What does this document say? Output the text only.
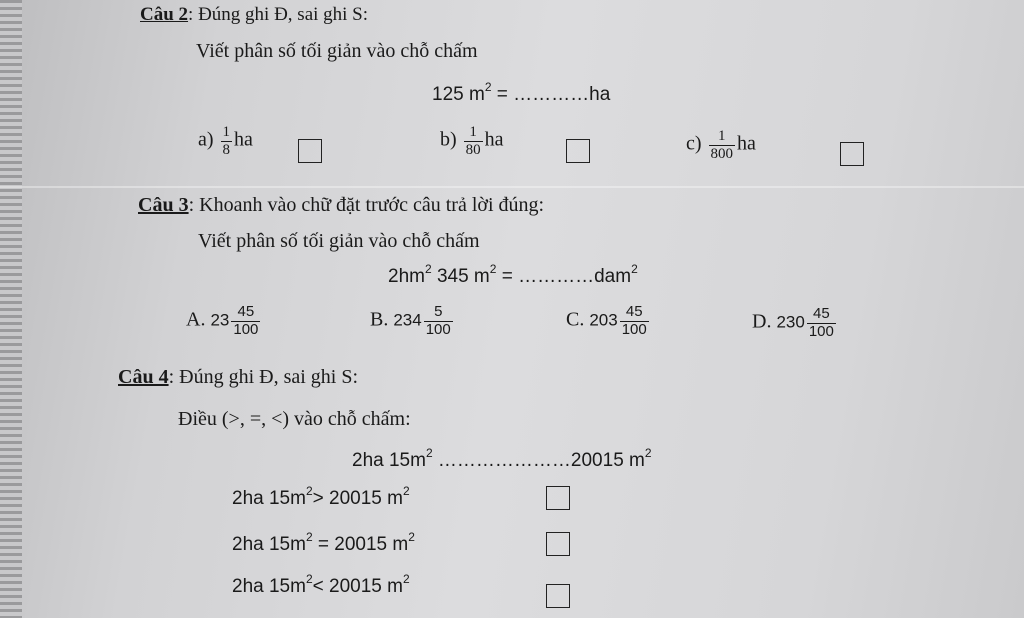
Câu 2: Đúng ghi Đ, sai ghi S:
Viết phân số tối giản vào chỗ chấm
125 $m^2$ = …………ha
$a) \frac{1}{8}$ ha	$b) \frac{1}{80}$ ha	$c) \frac{1}{800}$ ha
Câu 3: Khoanh vào chữ đặt trước câu trả lời đúng:
Viết phân số tối giản vào chỗ chấm
$2hm^2$ 345 $m^2$ = …………dam$^2$
A. $23 \frac{45}{100}$	B. $234 \frac{5}{100}$	C. $203 \frac{45}{100}$	D. $230 \frac{45}{100}$
Câu 4: Đúng ghi Đ, sai ghi S:
Điều (>, =, <) vào chỗ chấm:
2ha $15m^2$ …………………20015 $m^2$
2ha $15m^2> 20015$ $m^2$
2ha $15m^2 = 20015$ $m^2$
2ha $15m^2< 20015$ $m^2$
